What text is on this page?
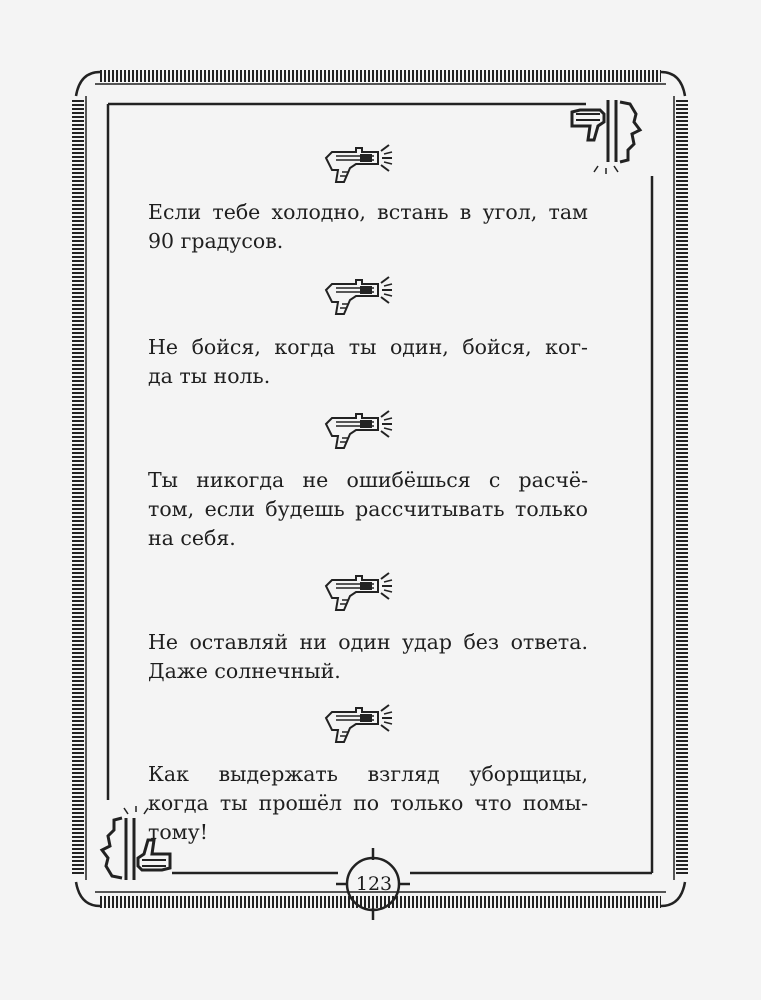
Если тебе холодно, встань в угол, там
90 градусов.
Не бойся, когда ты один, бойся, ког-
да ты ноль.
Ты никогда не ошибёшься с расчё-
том, если будешь рассчитывать только
на себя.
Не оставляй ни один удар без ответа.
Даже солнечный.
Как выдержать взгляд уборщицы,
когда ты прошёл по только что помы-
тому!
123
